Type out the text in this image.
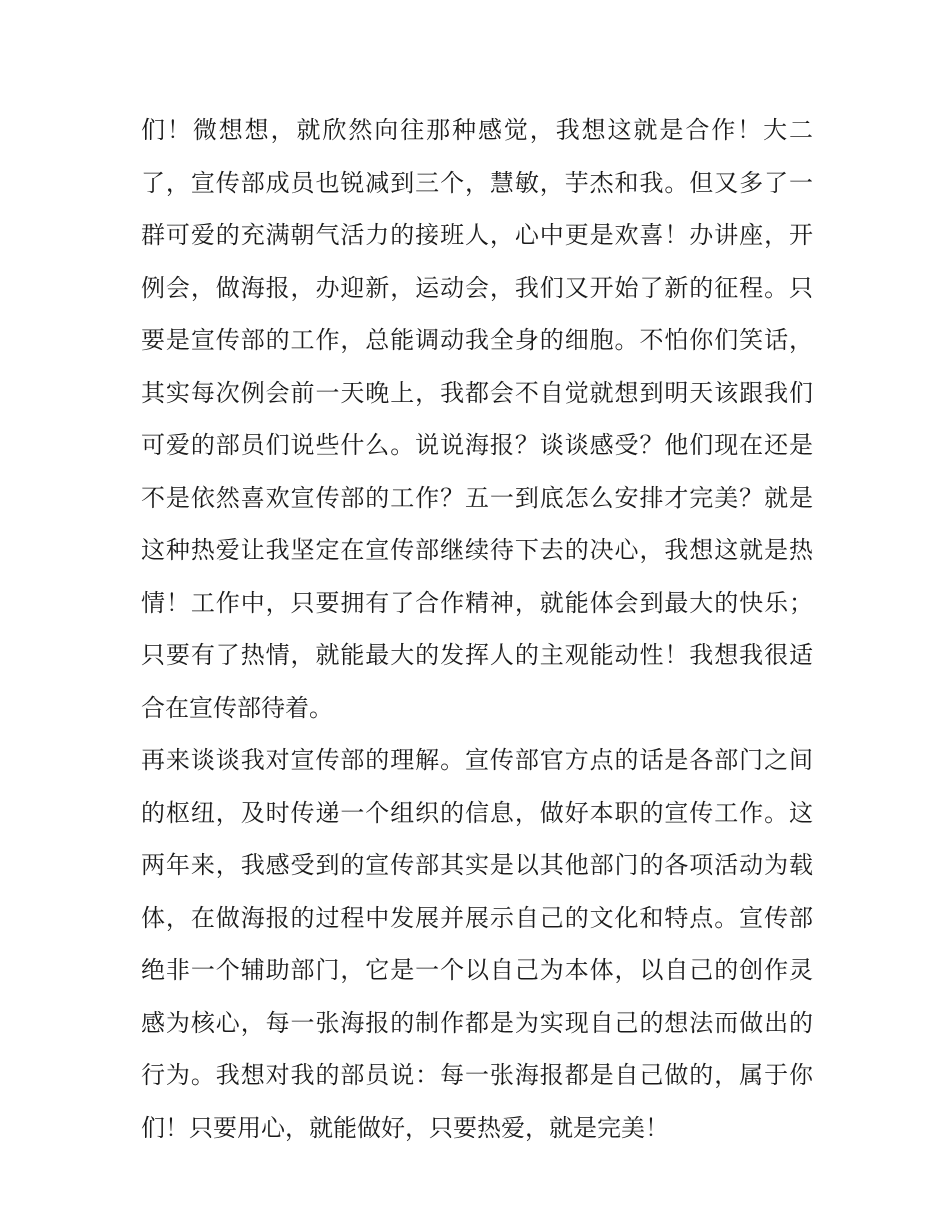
们！微想想，就欣然向往那种感觉，我想这就是合作！大二
了，宣传部成员也锐减到三个，慧敏，芋杰和我。但又多了一
群可爱的充满朝气活力的接班人，心中更是欢喜！办讲座，开
例会，做海报，办迎新，运动会，我们又开始了新的征程。只
要是宣传部的工作，总能调动我全身的细胞。不怕你们笑话，
其实每次例会前一天晚上，我都会不自觉就想到明天该跟我们
可爱的部员们说些什么。说说海报？谈谈感受？他们现在还是
不是依然喜欢宣传部的工作？五一到底怎么安排才完美？就是
这种热爱让我坚定在宣传部继续待下去的决心，我想这就是热
情！工作中，只要拥有了合作精神，就能体会到最大的快乐；
只要有了热情，就能最大的发挥人的主观能动性！我想我很适
合在宣传部待着。
再来谈谈我对宣传部的理解。宣传部官方点的话是各部门之间
的枢纽，及时传递一个组织的信息，做好本职的宣传工作。这
两年来，我感受到的宣传部其实是以其他部门的各项活动为载
体，在做海报的过程中发展并展示自己的文化和特点。宣传部
绝非一个辅助部门，它是一个以自己为本体，以自己的创作灵
感为核心，每一张海报的制作都是为实现自己的想法而做出的
行为。我想对我的部员说：每一张海报都是自己做的，属于你
们！只要用心，就能做好，只要热爱，就是完美！
